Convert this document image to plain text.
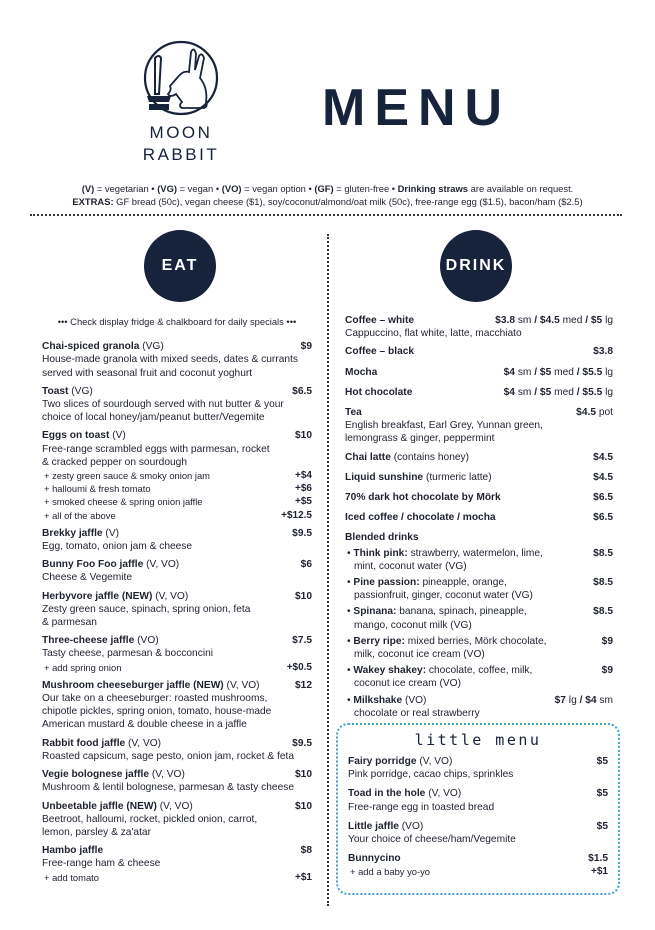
MOON
RABBIT
MENU
(V) = vegetarian • (VG) = vegan • (VO) = vegan option • (GF) = gluten-free • Drinking straws are available on request.
EXTRAS: GF bread (50c), vegan cheese ($1), soy/coconut/almond/oat milk (50c), free-range egg ($1.5), bacon/ham ($2.5)
EAT	DRINK
••• Check display fridge & chalkboard for daily specials •••
Chai-spiced granola (VG)	$9
House-made granola with mixed seeds, dates & currants
served with seasonal fruit and coconut yoghurt
Toast (VG)	$6.5
Two slices of sourdough served with nut butter & your
choice of local honey/jam/peanut butter/Vegemite
Eggs on toast (V)	$10
Free-range scrambled eggs with parmesan, rocket
& cracked pepper on sourdough
+ zesty green sauce & smoky onion jam	+$4
+ halloumi & fresh tomato	+$6
+ smoked cheese & spring onion jaffle	+$5
+ all of the above	+$12.5
Brekky jaffle (V)	$9.5
Egg, tomato, onion jam & cheese
Bunny Foo Foo jaffle (V, VO)	$6
Cheese & Vegemite
Herbyvore jaffle (NEW) (V, VO)	$10
Zesty green sauce, spinach, spring onion, feta
& parmesan
Three-cheese jaffle (VO)	$7.5
Tasty cheese, parmesan & bocconcini
+ add spring onion	+$0.5
Mushroom cheeseburger jaffle (NEW) (V, VO)	$12
Our take on a cheeseburger: roasted mushrooms,
chipotle pickles, spring onion, tomato, house-made
American mustard & double cheese in a jaffle
Rabbit food jaffle (V, VO)	$9.5
Roasted capsicum, sage pesto, onion jam, rocket & feta
Vegie bolognese jaffle (V, VO)	$10
Mushroom & lentil bolognese, parmesan & tasty cheese
Unbeetable jaffle (NEW) (V, VO)	$10
Beetroot, halloumi, rocket, pickled onion, carrot,
lemon, parsley & za'atar
Hambo jaffle	$8
Free-range ham & cheese
+ add tomato	+$1
Coffee – white	$3.8 sm / $4.5 med / $5 lg
Cappuccino, flat white, latte, macchiato
Coffee – black	$3.8
Mocha	$4 sm / $5 med / $5.5 lg
Hot chocolate	$4 sm / $5 med / $5.5 lg
Tea	$4.5 pot
English breakfast, Earl Grey, Yunnan green,
lemongrass & ginger, peppermint
Chai latte (contains honey)	$4.5
Liquid sunshine (turmeric latte)	$4.5
70% dark hot chocolate by Mörk	$6.5
Iced coffee / chocolate / mocha	$6.5
Blended drinks
• Think pink: strawberry, watermelon, lime, mint, coconut water (VG)
$8.5
• Pine passion: pineapple, orange, passionfruit, ginger, coconut water (VG)
$8.5
• Spinana: banana, spinach, pineapple, mango, coconut milk (VG)
$8.5
• Berry ripe: mixed berries, Mörk chocolate, milk, coconut ice cream (VO)
$9
• Wakey shakey: chocolate, coffee, milk, coconut ice cream (VO)
$9
• Milkshake (VO)	$7 lg / $4 sm
chocolate or real strawberry
little menu
Fairy porridge (V, VO)	$5
Pink porridge, cacao chips, sprinkles
Toad in the hole (V, VO)	$5
Free-range egg in toasted bread
Little jaffle (VO)	$5
Your choice of cheese/ham/Vegemite
Bunnycino	$1.5
+ add a baby yo-yo	+$1
